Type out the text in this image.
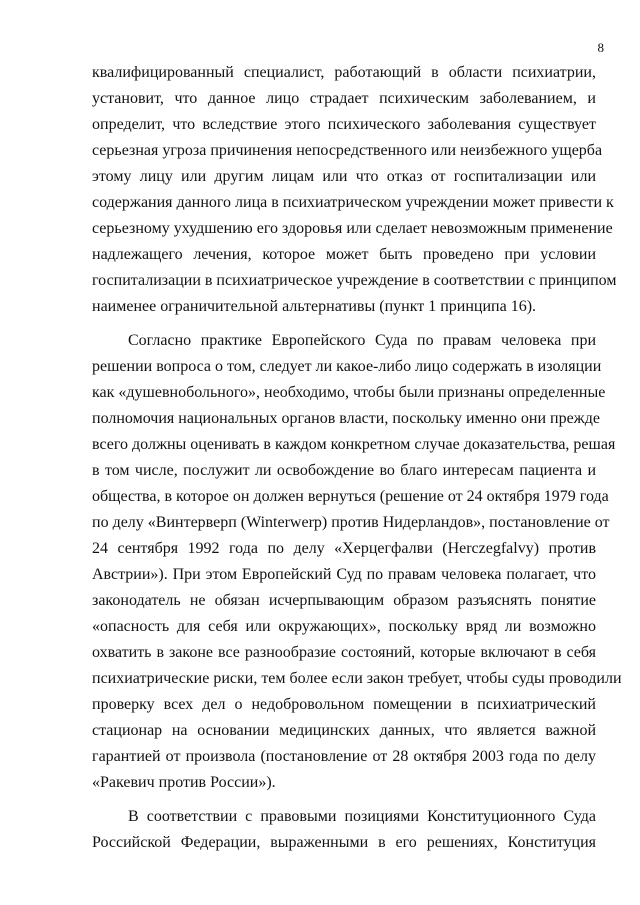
8
квалифицированный специалист, работающий в области психиатрии,
установит, что данное лицо страдает психическим заболеванием, и
определит, что вследствие этого психического заболевания существует
серьезная угроза причинения непосредственного или неизбежного ущерба
этому лицу или другим лицам или что отказ от госпитализации или
содержания данного лица в психиатрическом учреждении может привести к
серьезному ухудшению его здоровья или сделает невозможным применение
надлежащего лечения, которое может быть проведено при условии
госпитализации в психиатрическое учреждение в соответствии с принципом
наименее ограничительной альтернативы (пункт 1 принципа 16).
Согласно практике Европейского Суда по правам человека при
решении вопроса о том, следует ли какое-либо лицо содержать в изоляции
как «душевнобольного», необходимо, чтобы были признаны определенные
полномочия национальных органов власти, поскольку именно они прежде
всего должны оценивать в каждом конкретном случае доказательства, решая
в том числе, послужит ли освобождение во благо интересам пациента и
общества, в которое он должен вернуться (решение от 24 октября 1979 года
по делу «Винтерверп (Winterwerp) против Нидерландов», постановление от
24 сентября 1992 года по делу «Херцегфалви (Herczegfalvy) против
Австрии»). При этом Европейский Суд по правам человека полагает, что
законодатель не обязан исчерпывающим образом разъяснять понятие
«опасность для себя или окружающих», поскольку вряд ли возможно
охватить в законе все разнообразие состояний, которые включают в себя
психиатрические риски, тем более если закон требует, чтобы суды проводили
проверку всех дел о недобровольном помещении в психиатрический
стационар на основании медицинских данных, что является важной
гарантией от произвола (постановление от 28 октября 2003 года по делу
«Ракевич против России»).
В соответствии с правовыми позициями Конституционного Суда
Российской Федерации, выраженными в его решениях, Конституция
